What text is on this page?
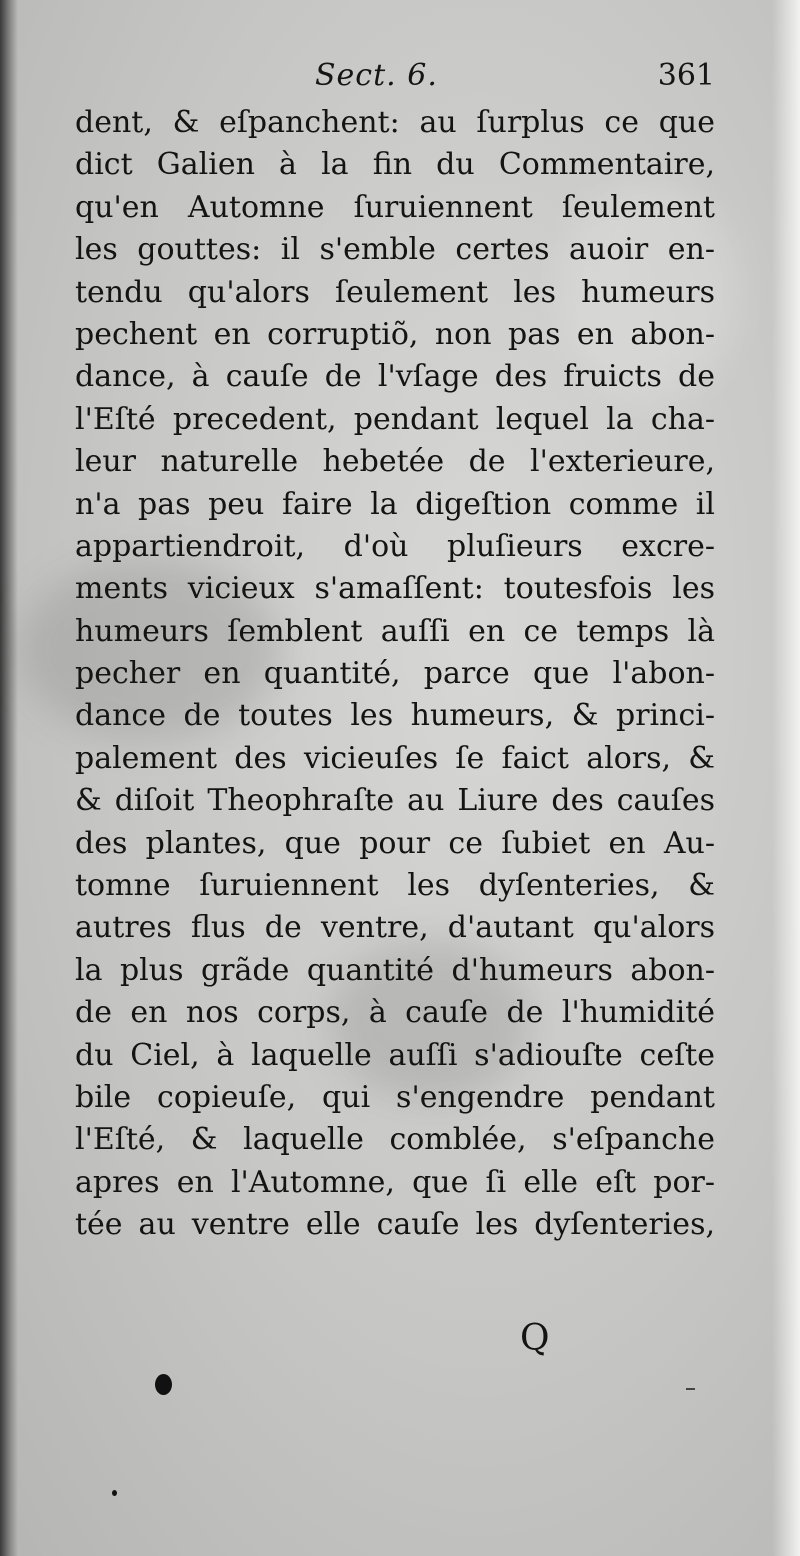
Sect. 6.	361
dent, & eſpanchent: au ſurplus ce que
dict Galien à la fin du Commentaire,
qu'en Automne ſuruiennent ſeulement
les gouttes: il s'emble certes auoir en-
tendu qu'alors ſeulement les humeurs
pechent en corruptiõ, non pas en abon-
dance, à cauſe de l'vſage des fruicts de
l'Eſté precedent, pendant lequel la cha-
leur naturelle hebetée de l'exterieure,
n'a pas peu faire la digeſtion comme il
appartiendroit, d'où pluſieurs excre-
ments vicieux s'amaſſent: toutesfois les
humeurs ſemblent auſſi en ce temps là
pecher en quantité, parce que l'abon-
dance de toutes les humeurs, & princi-
palement des vicieuſes ſe faict alors, &
& diſoit Theophraſte au Liure des cauſes
des plantes, que pour ce ſubiet en Au-
tomne ſuruiennent les dyſenteries, &
autres flus de ventre, d'autant qu'alors
la plus grãde quantité d'humeurs abon-
de en nos corps, à cauſe de l'humidité
du Ciel, à laquelle auſſi s'adiouſte ceſte
bile copieuſe, qui s'engendre pendant
l'Eſté, & laquelle comblée, s'eſpanche
apres en l'Automne, que ſi elle eſt por-
tée au ventre elle cauſe les dyſenteries,
Q
